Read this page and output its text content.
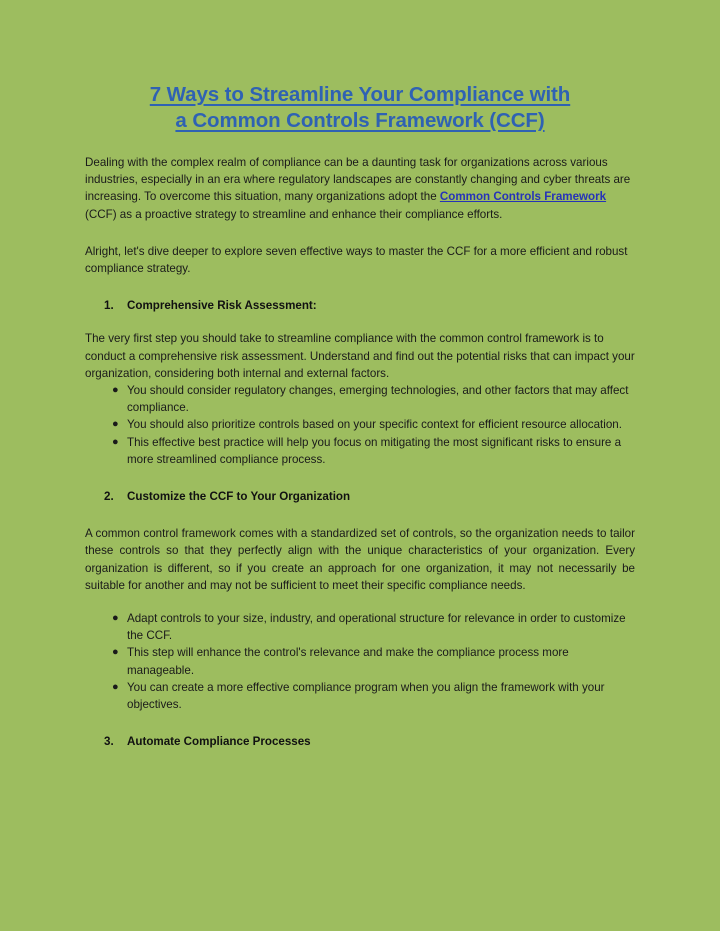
7 Ways to Streamline Your Compliance with
a Common Controls Framework (CCF)

Dealing with the complex realm of compliance can be a daunting task for organizations across various industries, especially in an era where regulatory landscapes are constantly changing and cyber threats are increasing. To overcome this situation, many organizations adopt the Common Controls Framework (CCF) as a proactive strategy to streamline and enhance their compliance efforts.

Alright, let's dive deeper to explore seven effective ways to master the CCF for a more efficient and robust compliance strategy.

1.	Comprehensive Risk Assessment:

The very first step you should take to streamline compliance with the common control framework is to conduct a comprehensive risk assessment. Understand and find out the potential risks that can impact your organization, considering both internal and external factors.

● You should consider regulatory changes, emerging technologies, and other factors that may affect compliance.
● You should also prioritize controls based on your specific context for efficient resource allocation.
● This effective best practice will help you focus on mitigating the most significant risks to ensure a more streamlined compliance process.
2.	Customize the CCF to Your Organization

A common control framework comes with a standardized set of controls, so the organization needs to tailor these controls so that they perfectly align with the unique characteristics of your organization. Every organization is different, so if you create an approach for one organization, it may not necessarily be suitable for another and may not be sufficient to meet their specific compliance needs.

● Adapt controls to your size, industry, and operational structure for relevance in order to customize the CCF.
● This step will enhance the control's relevance and make the compliance process more manageable.
● You can create a more effective compliance program when you align the framework with your objectives.
3.	Automate Compliance Processes
